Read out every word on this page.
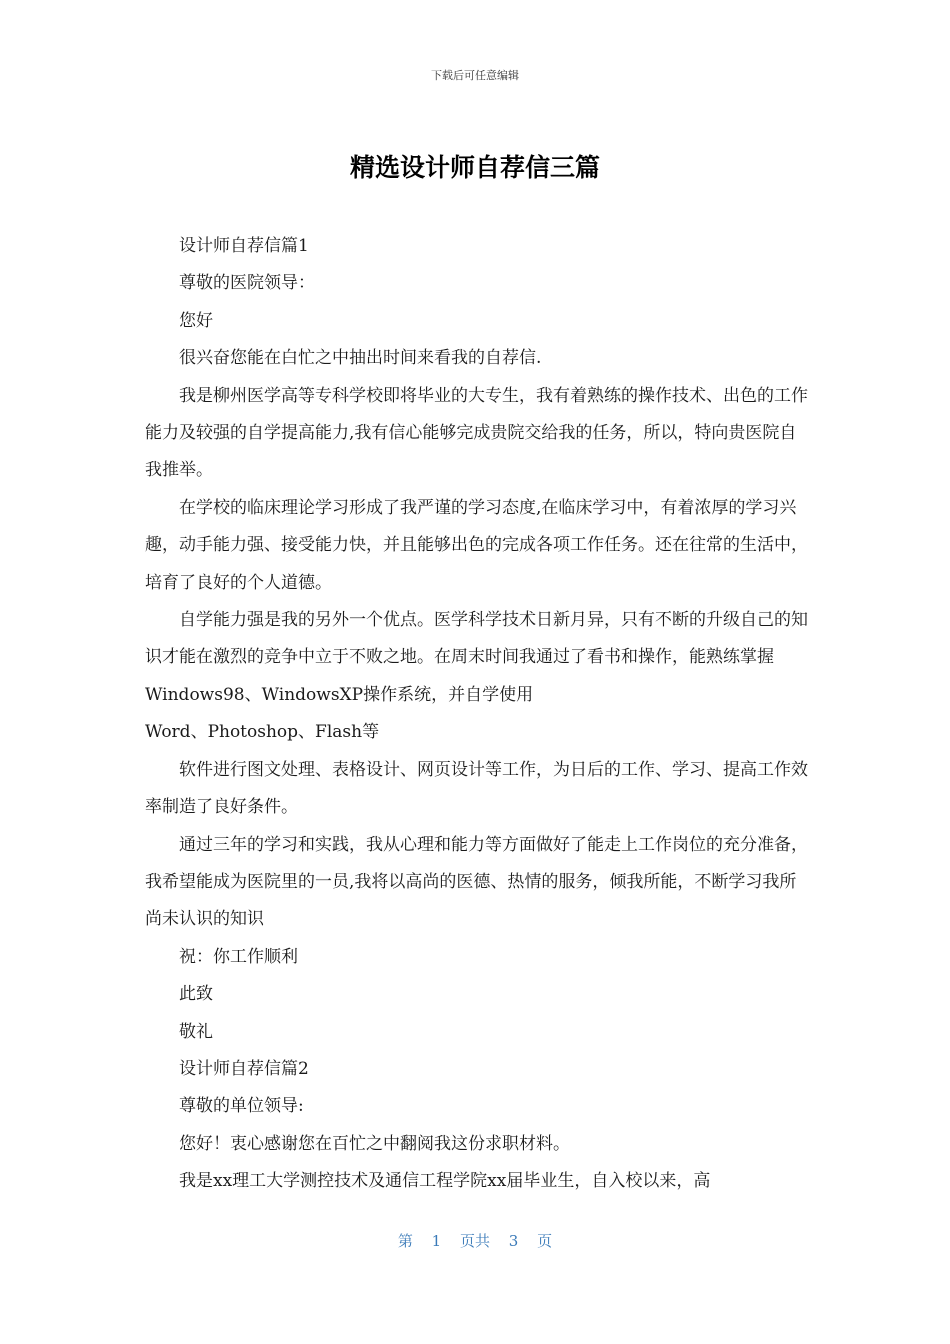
下载后可任意编辑
精选设计师自荐信三篇

设计师自荐信篇1

尊敬的医院领导：

您好

很兴奋您能在白忙之中抽出时间来看我的自荐信.

我是柳州医学高等专科学校即将毕业的大专生，我有着熟练的操作技术、出色的工作能力及较强的自学提高能力,我有信心能够完成贵院交给我的任务，所以，特向贵医院自我推举。

在学校的临床理论学习形成了我严谨的学习态度,在临床学习中，有着浓厚的学习兴趣，动手能力强、接受能力快，并且能够出色的完成各项工作任务。还在往常的生活中，培育了良好的个人道德。

自学能力强是我的另外一个优点。医学科学技术日新月异，只有不断的升级自己的知识才能在激烈的竞争中立于不败之地。在周末时间我通过了看书和操作，能熟练掌握Windows98、WindowsXP操作系统，并自学使用

Word、Photoshop、Flash等

软件进行图文处理、表格设计、网页设计等工作，为日后的工作、学习、提高工作效率制造了良好条件。

通过三年的学习和实践，我从心理和能力等方面做好了能走上工作岗位的充分准备，我希望能成为医院里的一员,我将以高尚的医德、热情的服务，倾我所能，不断学习我所尚未认识的知识

祝：你工作顺利

此致

敬礼

设计师自荐信篇2

尊敬的单位领导:

您好！衷心感谢您在百忙之中翻阅我这份求职材料。

我是xx理工大学测控技术及通信工程学院xx届毕业生，自入校以来，高

第 1 页共 3 页
